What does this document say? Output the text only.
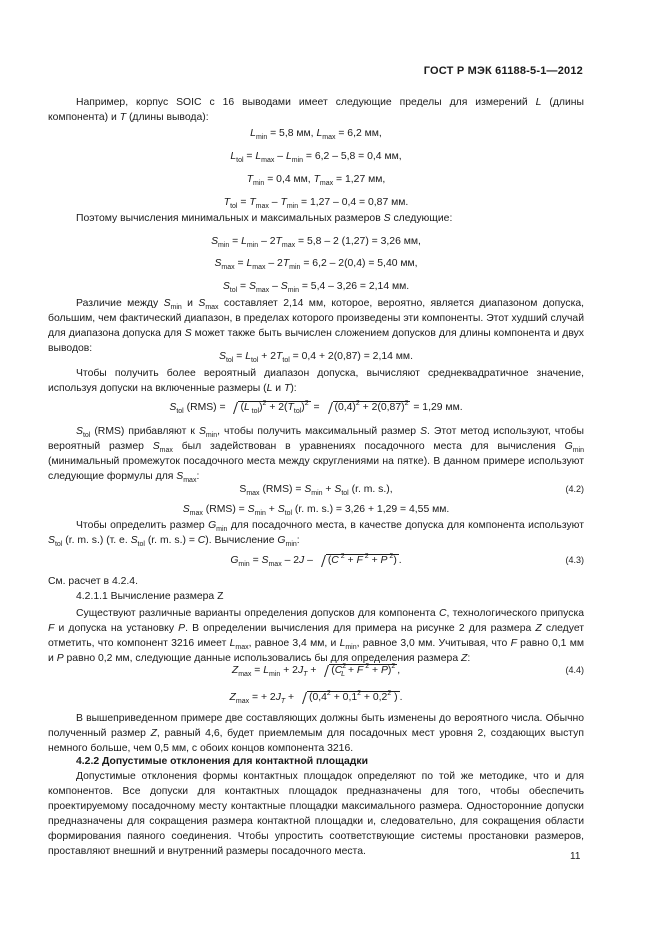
ГОСТ Р МЭК 61188-5-1—2012
Например, корпус SOIC с 16 выводами имеет следующие пределы для измерений L (длины компонента) и T (длины вывода):
$L_{min} = 5,8$ мм, $L_{max} = 6,2$ мм,
$L_{tol} = L_{max} - L_{min} = 6,2 - 5,8 = 0,4$ мм,
$T_{min} = 0,4$ мм, $T_{max} = 1,27$ мм,
$T_{tol} = T_{max} - T_{min} = 1,27 - 0,4 = 0,87$ мм.
Поэтому вычисления минимальных и максимальных размеров S следующие:
$S_{min} = L_{min} - 2T_{max} = 5,8 - 2$ (1,27) = 3,26 мм,
$S_{max} = L_{max} - 2T_{min} = 6,2 - 2(0,4) = 5,40$ мм,
$S_{tol} = S_{max} - S_{min} = 5,4 - 3,26 = 2,14$ мм.
Различие между $S_{min}$ и $S_{max}$ составляет 2,14 мм, которое, вероятно, является диапазоном допуска, большим, чем фактический диапазон, в пределах которого произведены эти компоненты. Этот худший случай для диапазона допуска для S может также быть вычислен сложением допусков для длины компонента и двух выводов:
$S_{tol} = L_{tol} + 2T_{tol} = 0,4 + 2(0,87) = 2,14$ мм.
Чтобы получить более вероятный диапазон допуска, вычисляют среднеквадратичное значение, используя допуски на включенные размеры (L и T):
$S_{tol}$ (RMS) = (L $_{tol})^2 + 2(T_{tol})^2 = (0,4)^2 + 2(0,87)^2 = 1,29$ мм.
$S_{tol}$ (RMS) прибавляют к $S_{min}$, чтобы получить максимальный размер S. Этот метод используют, чтобы вероятный размер $S_{max}$ был задействован в уравнениях посадочного места для вычисления $G_{min}$ (минимальный промежуток посадочного места между скруглениями на пятке). В данном примере используют следующие формулы для $S_{max}$:
$S_{max}$ $(RMS) = S_{min} + S_{tol}$ (r. m. s.),	(4.2)
$S_{max}$ $(RMS) = S_{min} + S_{tol}$ (r. m. s.) = 3,26 + 1,29 = 4,55 мм.
Чтобы определить размер $G_{min}$ для посадочного места, в качестве допуска для компонента используют $S_{tol}$ (r. m. s.) (т. е. $S_{tol}$ (r. m. s.) = C). Вычисление $G_{min}$:
$G_{min} = S_{max} - 2J - (C$ $^2$ + F $^2$ + P $^2$) .	(4.3)
См. расчет в 4.2.4.
4.2.1.1 Вычисление размера Z
Существуют различные варианты определения допусков для компонента C, технологического припуска F и допуска на установку P. В определении вычисления для примера на рисунке 2 для размера Z следует отметить, что компонент 3216 имеет $L_{max}$, равное 3,4 мм, и $L_{min}$, равное 3,0 мм. Учитывая, что F равно 0,1 мм и P равно 0,2 мм, следующие данные использовались бы для определения размера Z:
$Z_{max} = L_{min} + 2J_T + (C^2_L + F$ $^2$ + P)$^2$ ,	(4.4)
$Z_{max}$ = + $2J_T + (0,4^2 + 0,1^2 + 0,2^2$ ) .
В вышеприведенном примере две составляющих должны быть изменены до вероятного числа. Обычно полученный размер Z, равный 4,6, будет приемлемым для посадочных мест уровня 2, создающих выступ немного больше, чем 0,5 мм, с обоих концов компонента 3216.
4.2.2 Допустимые отклонения для контактной площадки
Допустимые отклонения формы контактных площадок определяют по той же методике, что и для компонентов. Все допуски для контактных площадок предназначены для того, чтобы обеспечить проектируемому посадочному месту контактные площадки максимального размера. Односторонние допуски предназначены для сокращения размера контактной площадки и, следовательно, для сокращения области формирования паяного соединения. Чтобы упростить соответствующие системы простановки размеров, проставляют внешний и внутренний размеры посадочного места.	11
